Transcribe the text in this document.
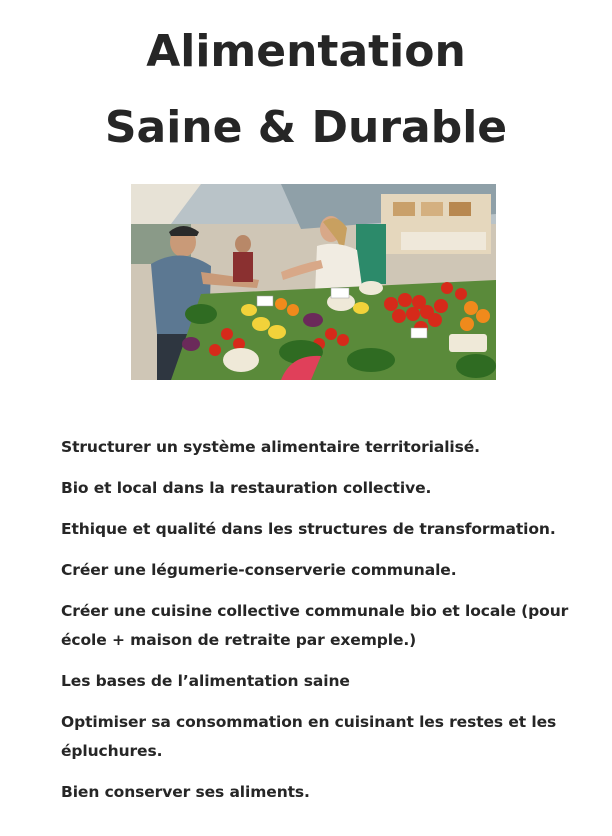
Alimentation
Saine & Durable
Structurer un système alimentaire territorialisé.
Bio et local dans la restauration collective.
Ethique et qualité dans les structures de transformation.
Créer une légumerie-conserverie communale.
Créer une cuisine collective communale bio et locale (pour école + maison de retraite par exemple.)
Les bases de l’alimentation saine
Optimiser sa consommation en cuisinant les restes et les épluchures.
Bien conserver ses aliments.
